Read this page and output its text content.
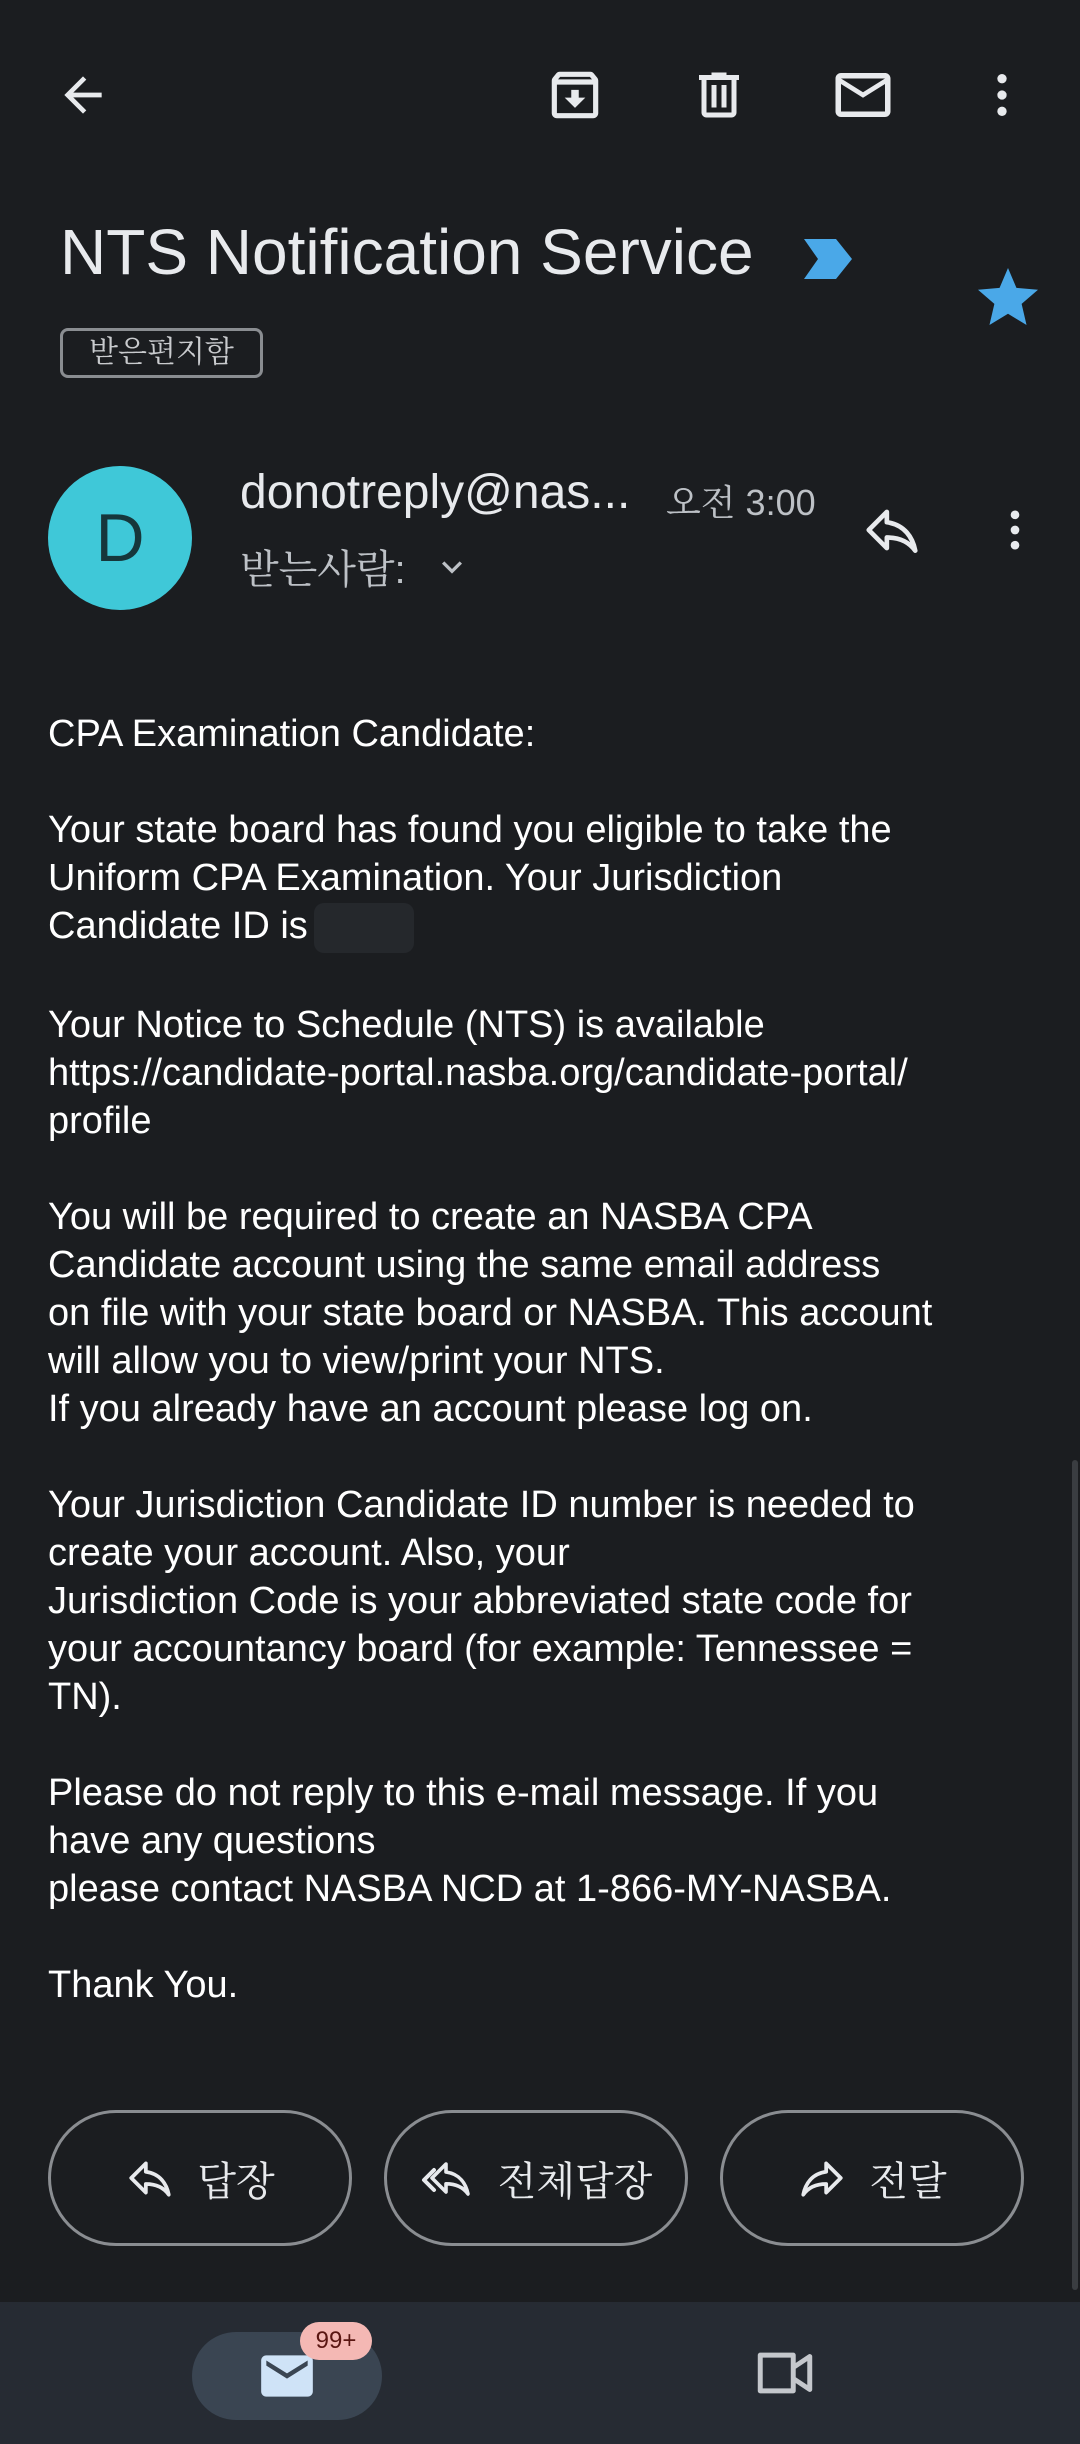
NTS Notification Service
받은편지함
D
donotreply@nas... 오전 3:00
받는사람:

CPA Examination Candidate:

Your state board has found you eligible to take the
Uniform CPA Examination. Your Jurisdiction
Candidate ID is

Your Notice to Schedule (NTS) is available
https://candidate-portal.nasba.org/candidate-portal/
profile

You will be required to create an NASBA CPA
Candidate account using the same email address
on file with your state board or NASBA. This account
will allow you to view/print your NTS.
If you already have an account please log on.

Your Jurisdiction Candidate ID number is needed to
create your account. Also, your
Jurisdiction Code is your abbreviated state code for
your accountancy board (for example: Tennessee =
TN).

Please do not reply to this e-mail message. If you
have any questions
please contact NASBA NCD at 1-866-MY-NASBA.

Thank You.

답장	전체답장	전달
99+
